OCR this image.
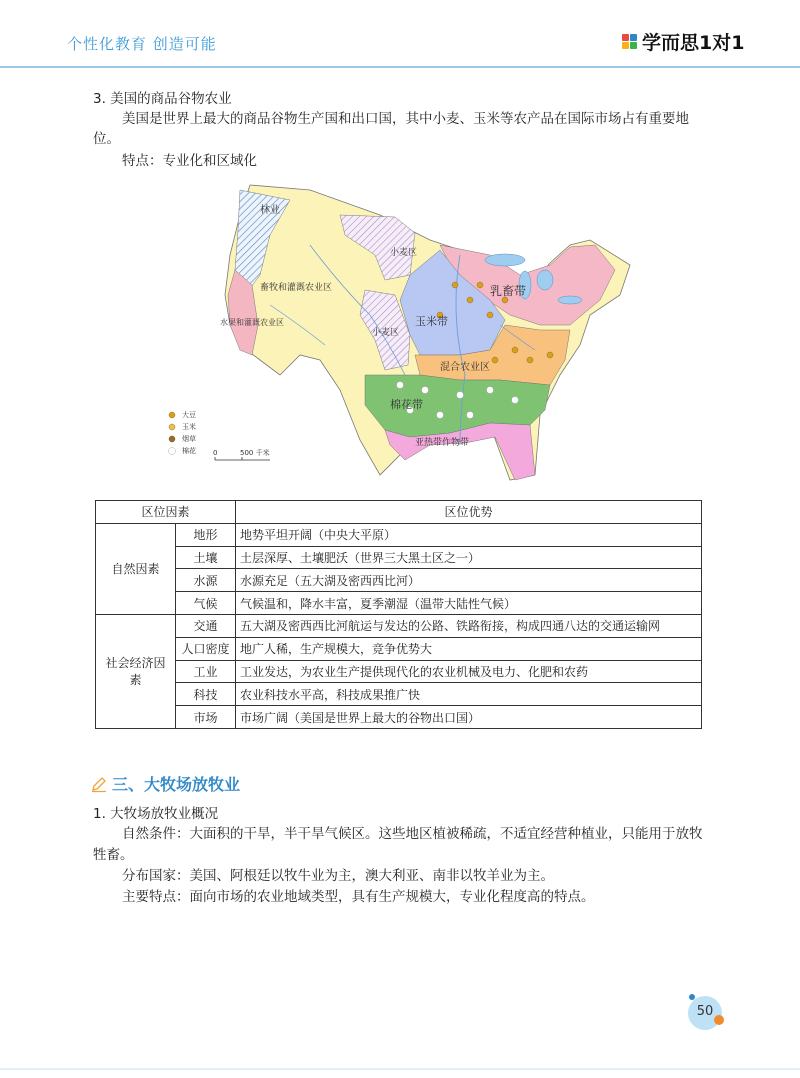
个性化教育 创造可能	学而思1对1
3. 美国的商品谷物农业
美国是世界上最大的商品谷物生产国和出口国，其中小麦、玉米等农产品在国际市场占有重要地
位。
特点：专业化和区域化
林业
畜牧和灌溉农业区
水果和灌溉农业区
小麦区
小麦区
乳畜带
玉米带
混合农业区
棉花带
亚热带作物带
大豆
玉米
烟草
棉花 0	500 千米
区位因素		区位优势
自然因素	地形	地势平坦开阔（中央大平原）
	土壤	土层深厚、土壤肥沃（世界三大黑土区之一）
	水源	水源充足（五大湖及密西西比河）
	气候	气候温和，降水丰富，夏季潮湿（温带大陆性气候）
社会经济因素	交通	五大湖及密西西比河航运与发达的公路、铁路衔接，构成四通八达的交通运输网
	人口密度	地广人稀，生产规模大，竞争优势大
	工业	工业发达，为农业生产提供现代化的农业机械及电力、化肥和农药
	科技	农业科技水平高，科技成果推广快
	市场	市场广阔（美国是世界上最大的谷物出口国）
三、大牧场放牧业
1. 大牧场放牧业概况
自然条件：大面积的干旱，半干旱气候区。这些地区植被稀疏，不适宜经营种植业，只能用于放牧
牲畜。
分布国家：美国、阿根廷以牧牛业为主，澳大利亚、南非以牧羊业为主。
主要特点：面向市场的农业地域类型，具有生产规模大，专业化程度高的特点。
50
